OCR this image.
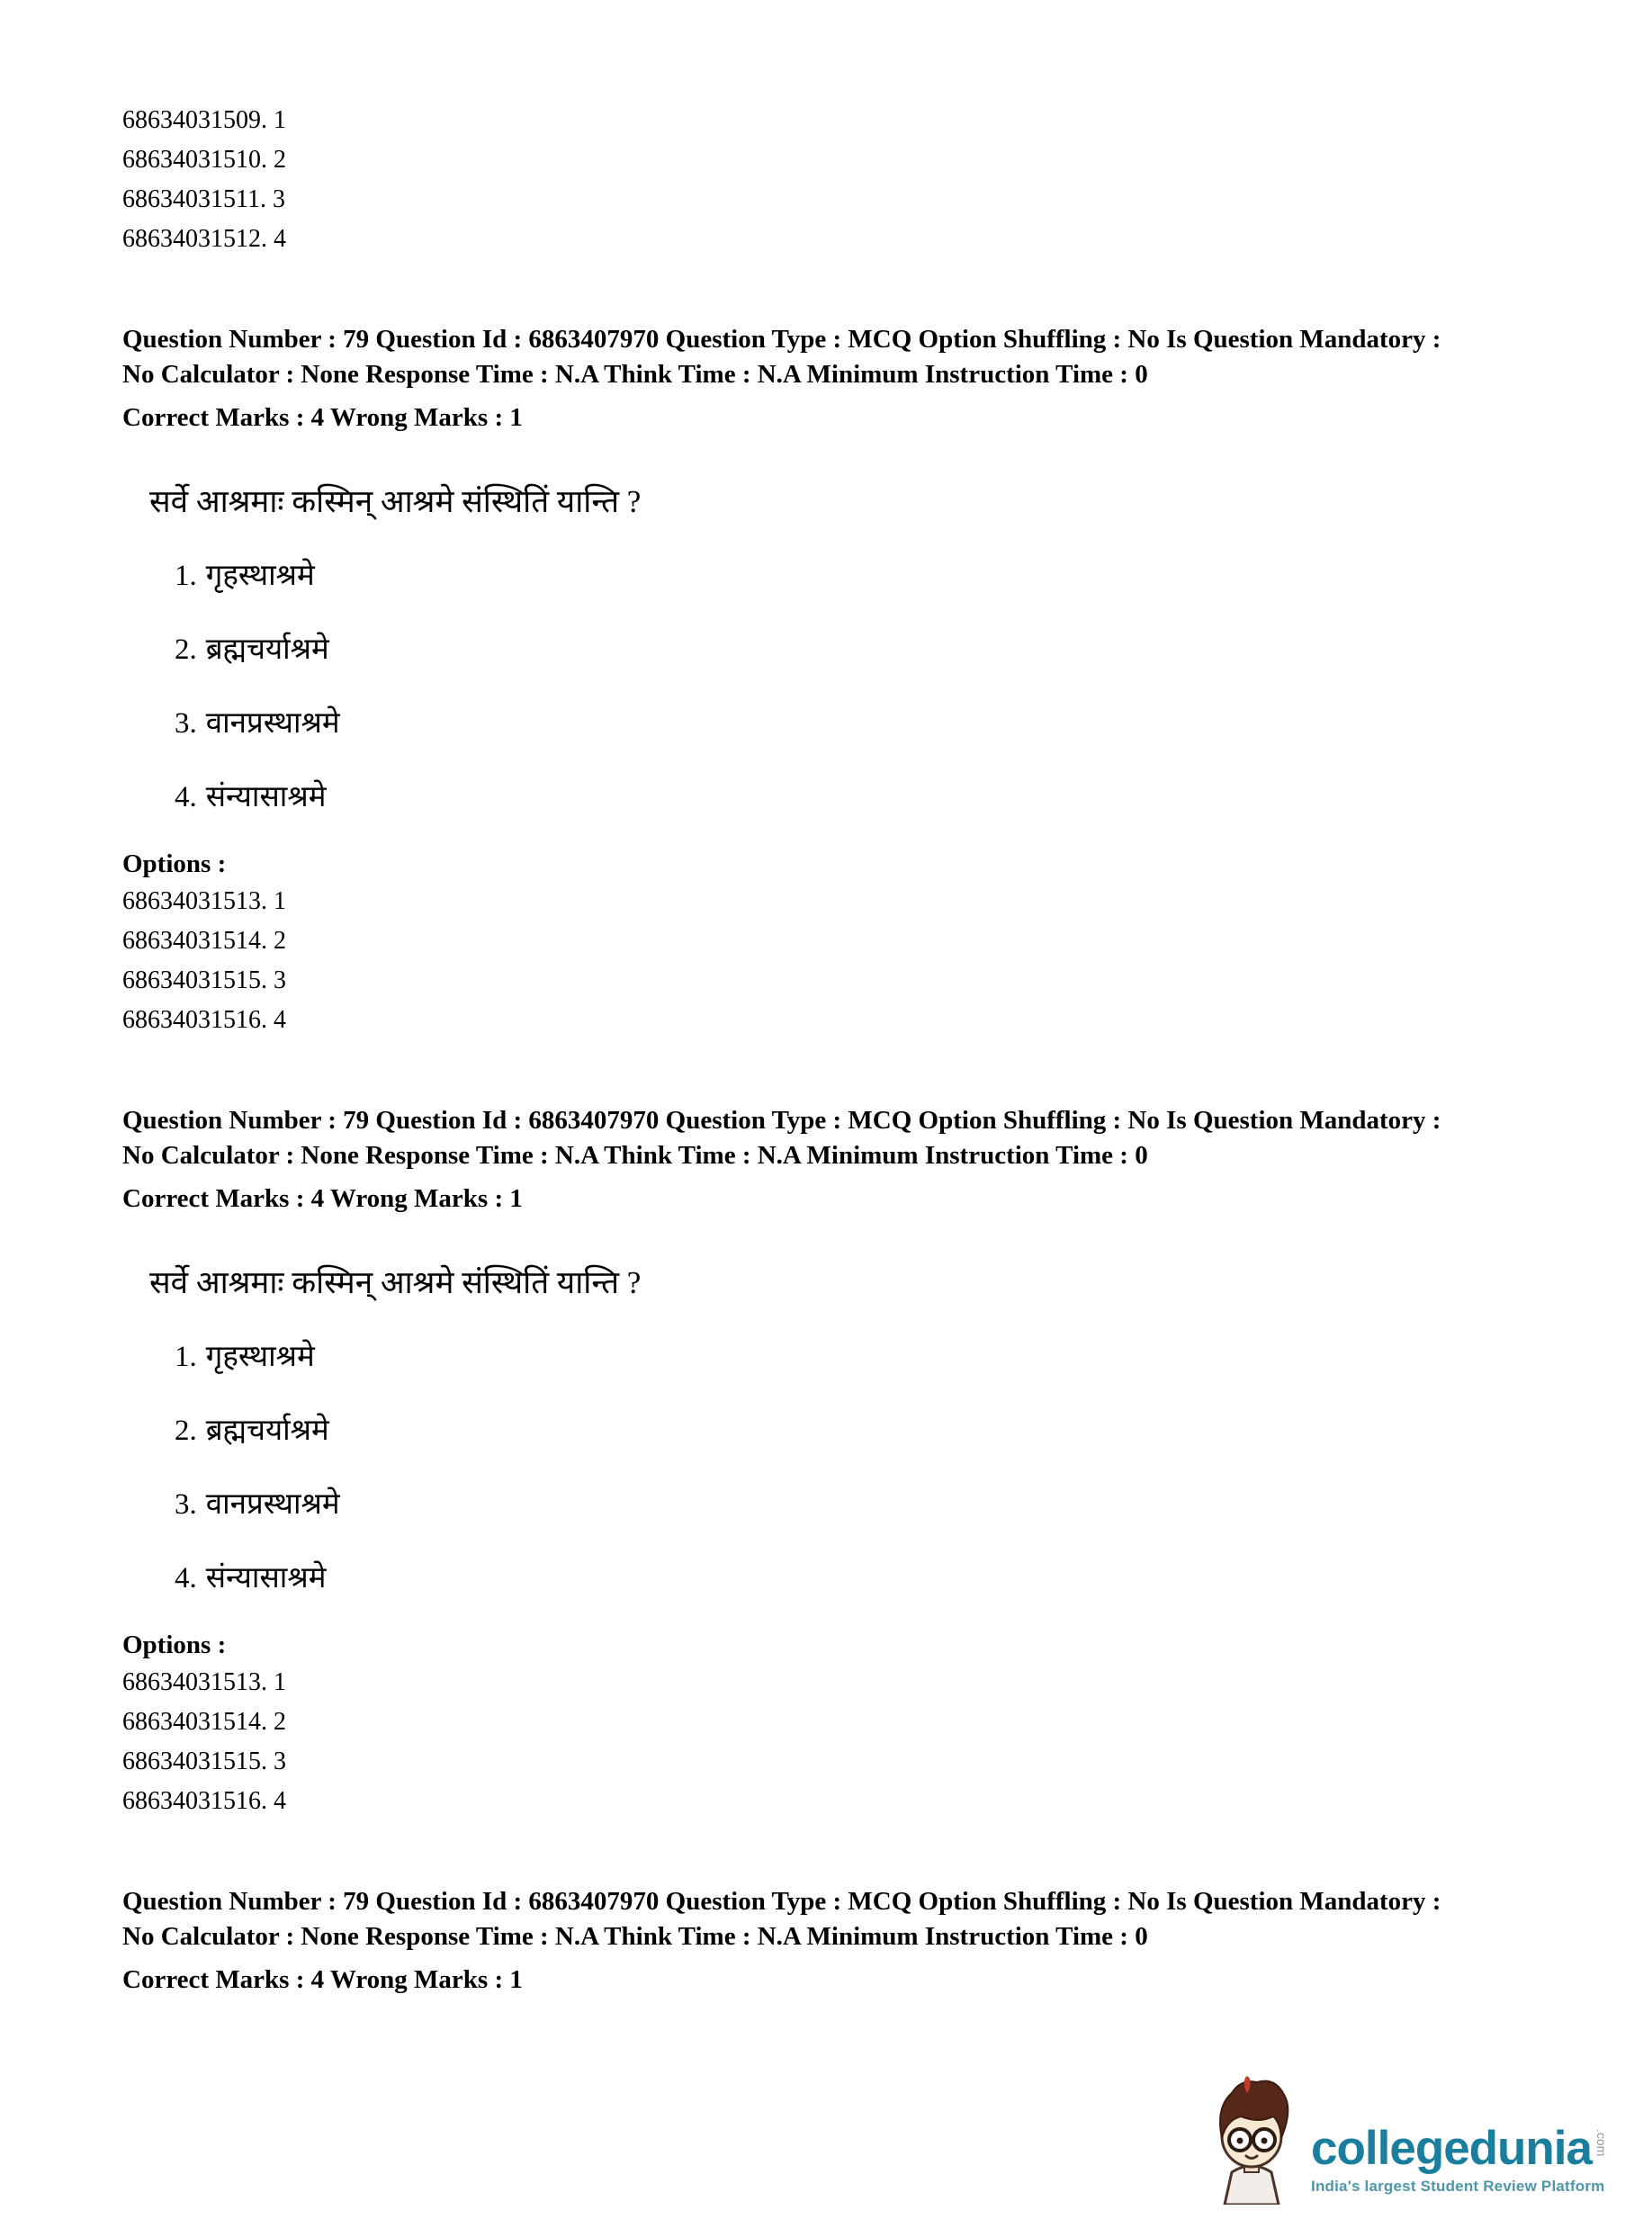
68634031509. 1
68634031510. 2
68634031511. 3
68634031512. 4
Question Number : 79 Question Id : 6863407970 Question Type : MCQ Option Shuffling : No Is Question Mandatory :
No Calculator : None Response Time : N.A Think Time : N.A Minimum Instruction Time : 0
Correct Marks : 4 Wrong Marks : 1
सर्वे आश्रमाः कस्मिन् आश्रमे संस्थितिं यान्ति ?
1. गृहस्थाश्रमे
2. ब्रह्मचर्याश्रमे
3. वानप्रस्थाश्रमे
4. संन्यासाश्रमे
Options :
68634031513. 1
68634031514. 2
68634031515. 3
68634031516. 4
Question Number : 79 Question Id : 6863407970 Question Type : MCQ Option Shuffling : No Is Question Mandatory :
No Calculator : None Response Time : N.A Think Time : N.A Minimum Instruction Time : 0
Correct Marks : 4 Wrong Marks : 1
सर्वे आश्रमाः कस्मिन् आश्रमे संस्थितिं यान्ति ?
1. गृहस्थाश्रमे
2. ब्रह्मचर्याश्रमे
3. वानप्रस्थाश्रमे
4. संन्यासाश्रमे
Options :
68634031513. 1
68634031514. 2
68634031515. 3
68634031516. 4
Question Number : 79 Question Id : 6863407970 Question Type : MCQ Option Shuffling : No Is Question Mandatory :
No Calculator : None Response Time : N.A Think Time : N.A Minimum Instruction Time : 0
Correct Marks : 4 Wrong Marks : 1
collegedunia .com
India's largest Student Review Platform
